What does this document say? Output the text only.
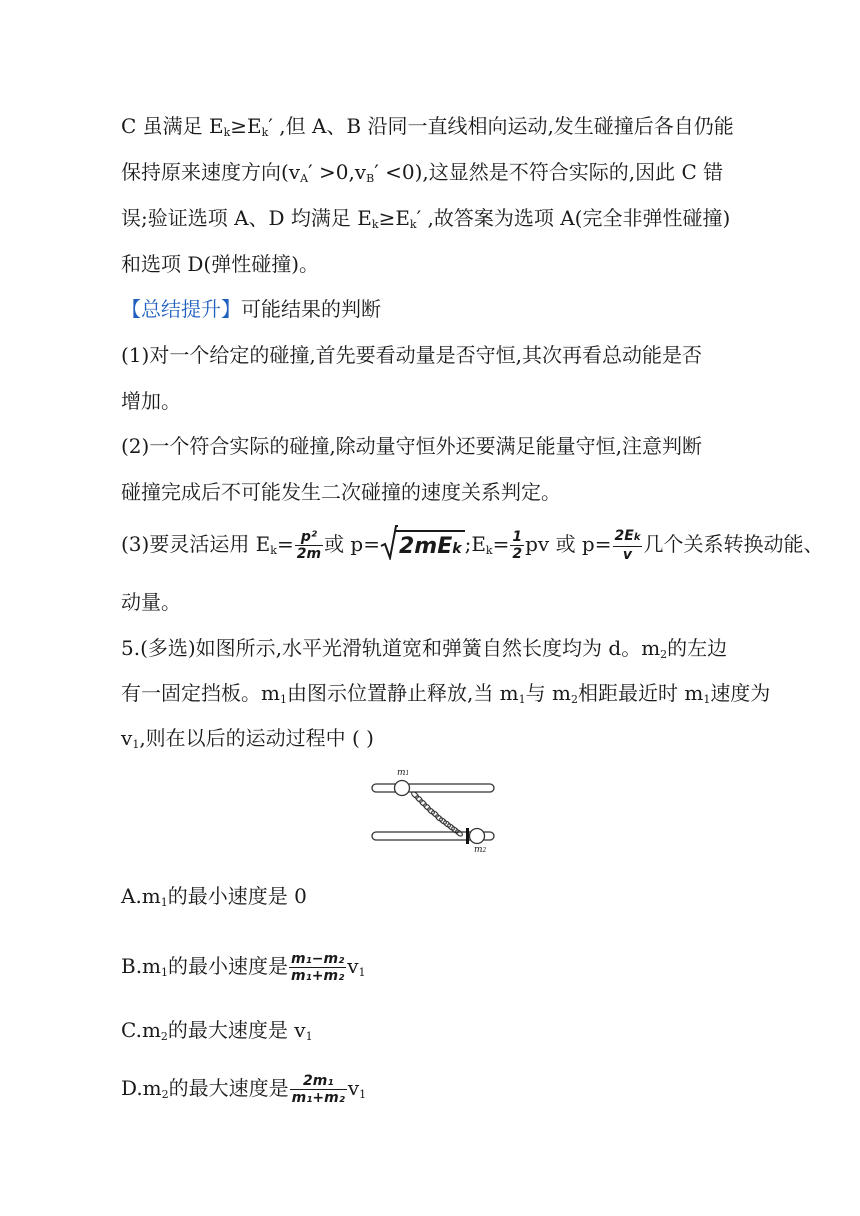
C 虽满足 $E_k\ge E_k'$ ,但 A、B 沿同一直线相向运动,发生碰撞后各自仍能
保持原来速度方向$(v_A' >0,v_B' <0)$,这显然是不符合实际的,因此 C 错
误;验证选项 A、D 均满足 $E_k\ge E_k'$ ,故答案为选项 A(完全非弹性碰撞)
和选项 D(弹性碰撞)。
【总结提升】可能结果的判断
(1)对一个给定的碰撞,首先要看动量是否守恒,其次再看总动能是否
增加。
(2)一个符合实际的碰撞,除动量守恒外还要满足能量守恒,注意判断
碰撞完成后不可能发生二次碰撞的速度关系判定。
(3)要灵活运用 $E_k= \frac{\text{p²}}{2m}$ 或 p= 2mEk $;E_k= \frac{1}{2}$ pv 或 $p= \frac{2Ek}{v}$ 几个关系转换动能、
动量。
5.(多选)如图所示,水平光滑轨道宽和弹簧自然长度均为 d。$m_2$的左边
有一固定挡板。$m_1$由图示位置静止释放,当 $m_1$与 $m_2$相距最近时 $m_1$速度为
$v_1$,则在以后的运动过程中 ( )
m1
m2
$A.m_1$的最小速度是 0
$B.m_1$的最小速度是 $\frac{\text{m₁−m₂}}{\text{m₁+m₂}} v_1$
$C.m_2$的最大速度是 $v_1$
$D.m_2$的最大速度是 $\frac{\text{2m₁}}{\text{m₁+m₂}} v_1$
